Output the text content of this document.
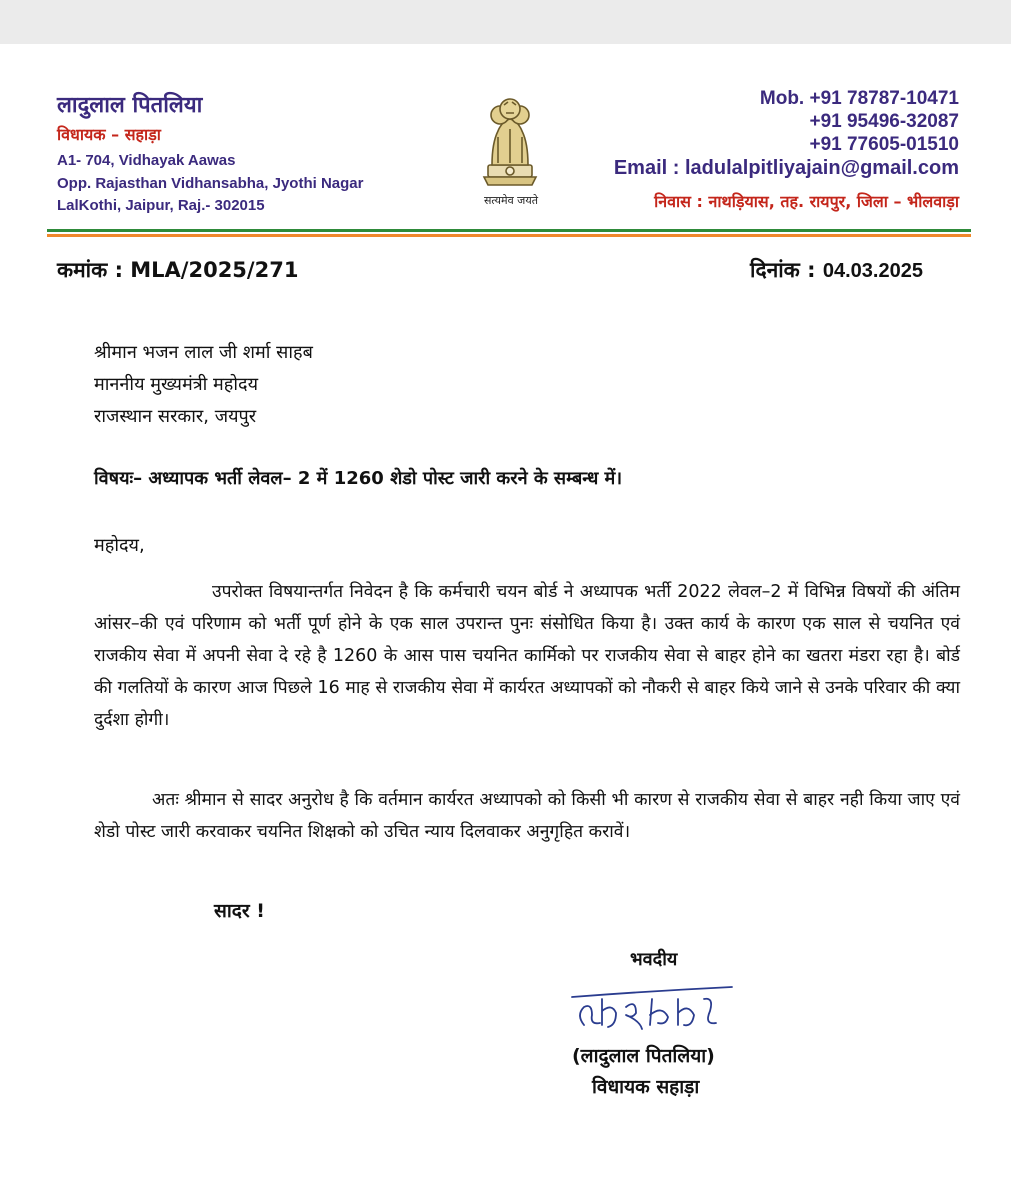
लादुलाल पितलिया
विधायक – सहाड़ा
A1- 704, Vidhayak Aawas
Opp. Rajasthan Vidhansabha, Jyothi Nagar
LalKothi, Jaipur, Raj.- 302015	सत्यमेव जयते
Mob. +91 78787-10471
+91 95496-32087
+91 77605-01510
Email : ladulalpitliyajain@gmail.com
निवास : नाथड़ियास, तह. रायपुर, जिला – भीलवाड़ा
कमांक : MLA/2025/271	दिनांक : 04.03.2025
श्रीमान भजन लाल जी शर्मा साहब
माननीय मुख्यमंत्री महोदय
राजस्थान सरकार, जयपुर
विषयः– अध्यापक भर्ती लेवल– 2 में 1260 शेडो पोस्ट जारी करने के सम्बन्ध में।
महोदय,
उपरोक्त विषयान्तर्गत निवेदन है कि कर्मचारी चयन बोर्ड ने अध्यापक भर्ती 2022 लेवल–2 में विभिन्न विषयों की अंतिम आंसर–की एवं परिणाम को भर्ती पूर्ण होने के एक साल उपरान्त पुनः संसोधित किया है। उक्त कार्य के कारण एक साल से चयनित एवं राजकीय सेवा में अपनी सेवा दे रहे है 1260 के आस पास चयनित कार्मिको पर राजकीय सेवा से बाहर होने का खतरा मंडरा रहा है। बोर्ड की गलतियों के कारण आज पिछले 16 माह से राजकीय सेवा में कार्यरत अध्यापकों को नौकरी से बाहर किये जाने से उनके परिवार की क्या दुर्दशा होगी।
अतः श्रीमान से सादर अनुरोध है कि वर्तमान कार्यरत अध्यापको को किसी भी कारण से राजकीय सेवा से बाहर नही किया जाए एवं शेडो पोस्ट जारी करवाकर चयनित शिक्षको को उचित न्याय दिलवाकर अनुगृहित करावें।
सादर !
भवदीय
(लादुलाल पितलिया)
विधायक सहाड़ा
